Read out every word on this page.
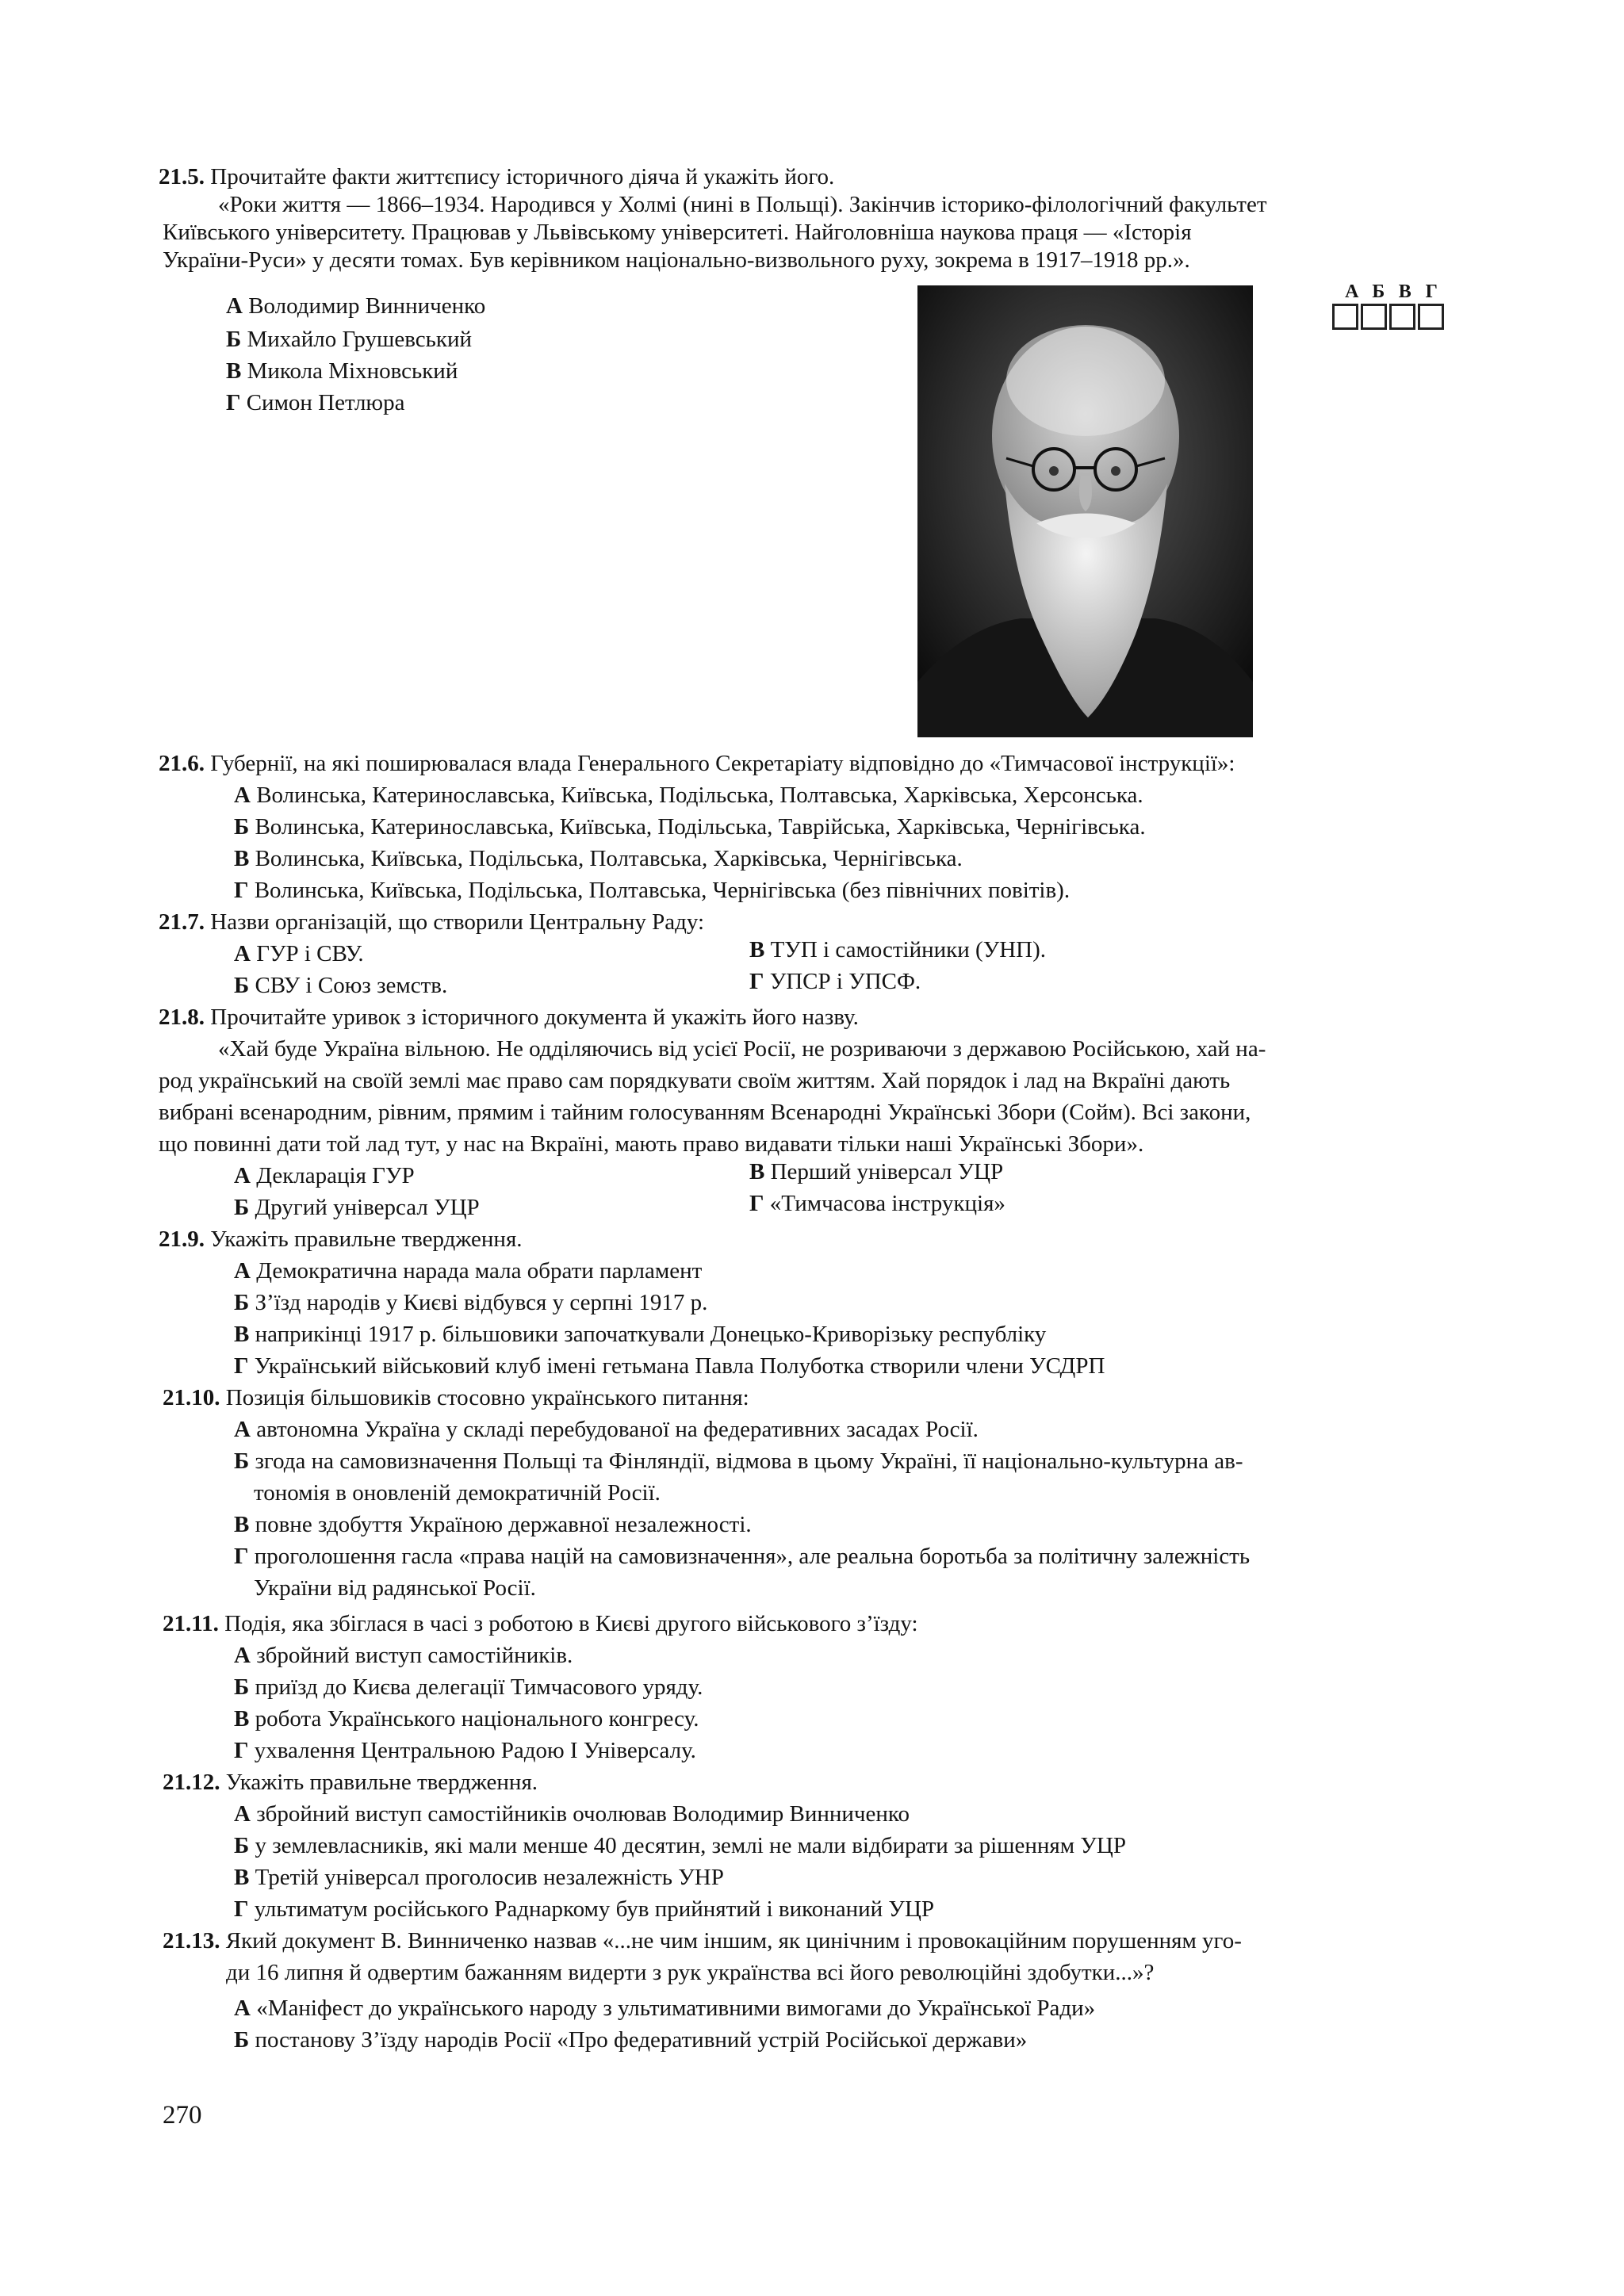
21.5. Прочитайте факти життєпису історичного діяча й укажіть його.
«Роки життя — 1866–1934. Народився у Холмі (нині в Польщі). Закінчив історико-філологічний факультет
Київського університету. Працював у Львівському університеті. Найголовніша наукова праця — «Історія
України-Руси» у десяти томах. Був керівником національно-визвольного руху, зокрема в 1917–1918 рр.».
А Володимир Винниченко
Б Михайло Грушевський
В Микола Міхновський
Г Симон Петлюра
21.6. Губернії, на які поширювалася влада Генерального Секретаріату відповідно до «Тимчасової інструкції»:
А Волинська, Катеринославська, Київська, Подільська, Полтавська, Харківська, Херсонська.
Б Волинська, Катеринославська, Київська, Подільська, Таврійська, Харківська, Чернігівська.
В Волинська, Київська, Подільська, Полтавська, Харківська, Чернігівська.
Г Волинська, Київська, Подільська, Полтавська, Чернігівська (без північних повітів).
21.7. Назви організацій, що створили Центральну Раду:
А ГУР і СВУ.	В ТУП і самостійники (УНП).
Б СВУ і Союз земств.	Г УПСР і УПСФ.
21.8. Прочитайте уривок з історичного документа й укажіть його назву.
«Хай буде Україна вільною. Не одділяючись від усієї Росії, не розриваючи з державою Російською, хай на-
род український на своїй землі має право сам порядкувати своїм життям. Хай порядок і лад на Вкраїні дають
вибрані всенародним, рівним, прямим і тайним голосуванням Всенародні Українські Збори (Сойм). Всі закони,
що повинні дати той лад тут, у нас на Вкраїні, мають право видавати тільки наші Українські Збори».
А Декларація ГУР	В Перший універсал УЦР
Б Другий універсал УЦР	Г «Тимчасова інструкція»
21.9. Укажіть правильне твердження.
А Демократична нарада мала обрати парламент
Б З’їзд народів у Києві відбувся у серпні 1917 р.
В наприкінці 1917 р. більшовики започаткували Донецько-Криворізьку республіку
Г Український військовий клуб імені гетьмана Павла Полуботка створили члени УСДРП
21.10. Позиція більшовиків стосовно українського питання:
А автономна Україна у складі перебудованої на федеративних засадах Росії.
Б згода на самовизначення Польщі та Фінляндії, відмова в цьому Україні, її національно-культурна ав-
тономія в оновленій демократичній Росії.
В повне здобуття Україною державної незалежності.
Г проголошення гасла «права націй на самовизначення», але реальна боротьба за політичну залежність
України від радянської Росії.
21.11. Подія, яка збіглася в часі з роботою в Києві другого військового з’їзду:
А збройний виступ самостійників.
Б приїзд до Києва делегації Тимчасового уряду.
В робота Українського національного конгресу.
Г ухвалення Центральною Радою І Універсалу.
21.12. Укажіть правильне твердження.
А збройний виступ самостійників очолював Володимир Винниченко
Б у землевласників, які мали менше 40 десятин, землі не мали відбирати за рішенням УЦР
В Третій універсал проголосив незалежність УНР
Г ультиматум російського Раднаркому був прийнятий і виконаний УЦР
21.13. Який документ В. Винниченко назвав «...не чим іншим, як цинічним і провокаційним порушенням уго-
ди 16 липня й одвертим бажанням видерти з рук українства всі його революційні здобутки...»?
А «Маніфест до українського народу з ультимативними вимогами до Української Ради»
Б постанову З’їзду народів Росії «Про федеративний устрій Російської держави»
А Б В Г
270
